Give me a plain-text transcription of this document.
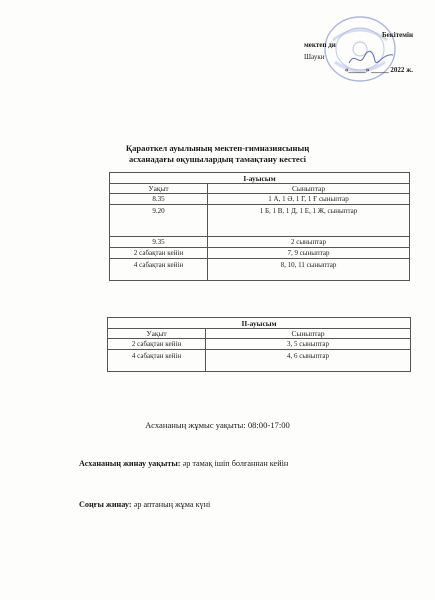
Бекітемін
мектеп ди
Шауки
«_____» _____ 2022 ж.
Қараоткел ауылының мектеп-гимназиясының
асханадағы оқушылардың тамақтану кестесі
І-ауысым	
Уақыт	Сыныптар
8.35	1 А, 1 Ә, 1 Г, 1 Ғ сыныптар
9.20	1 Б, 1 В, 1 Д, 1 Е, 1 Ж, сыныптар
9.35	2 сыныптар
2 сабақтан кейін	7, 9 сыныптар
4 сабақтан кейін	8, 10, 11 сыныптар
ІІ-ауысым	
Уақыт	Сыныптар
2 сабақтан кейін	3, 5 сыныптар
4 сабақтан кейін	4, 6 сыныптар
Асхананың жұмыс уақыты: 08:00-17:00
Асхананың жинау уақыты: әр тамақ ішіп болғаннан кейін
Соңғы жинау: әр аптаның жұма күні
